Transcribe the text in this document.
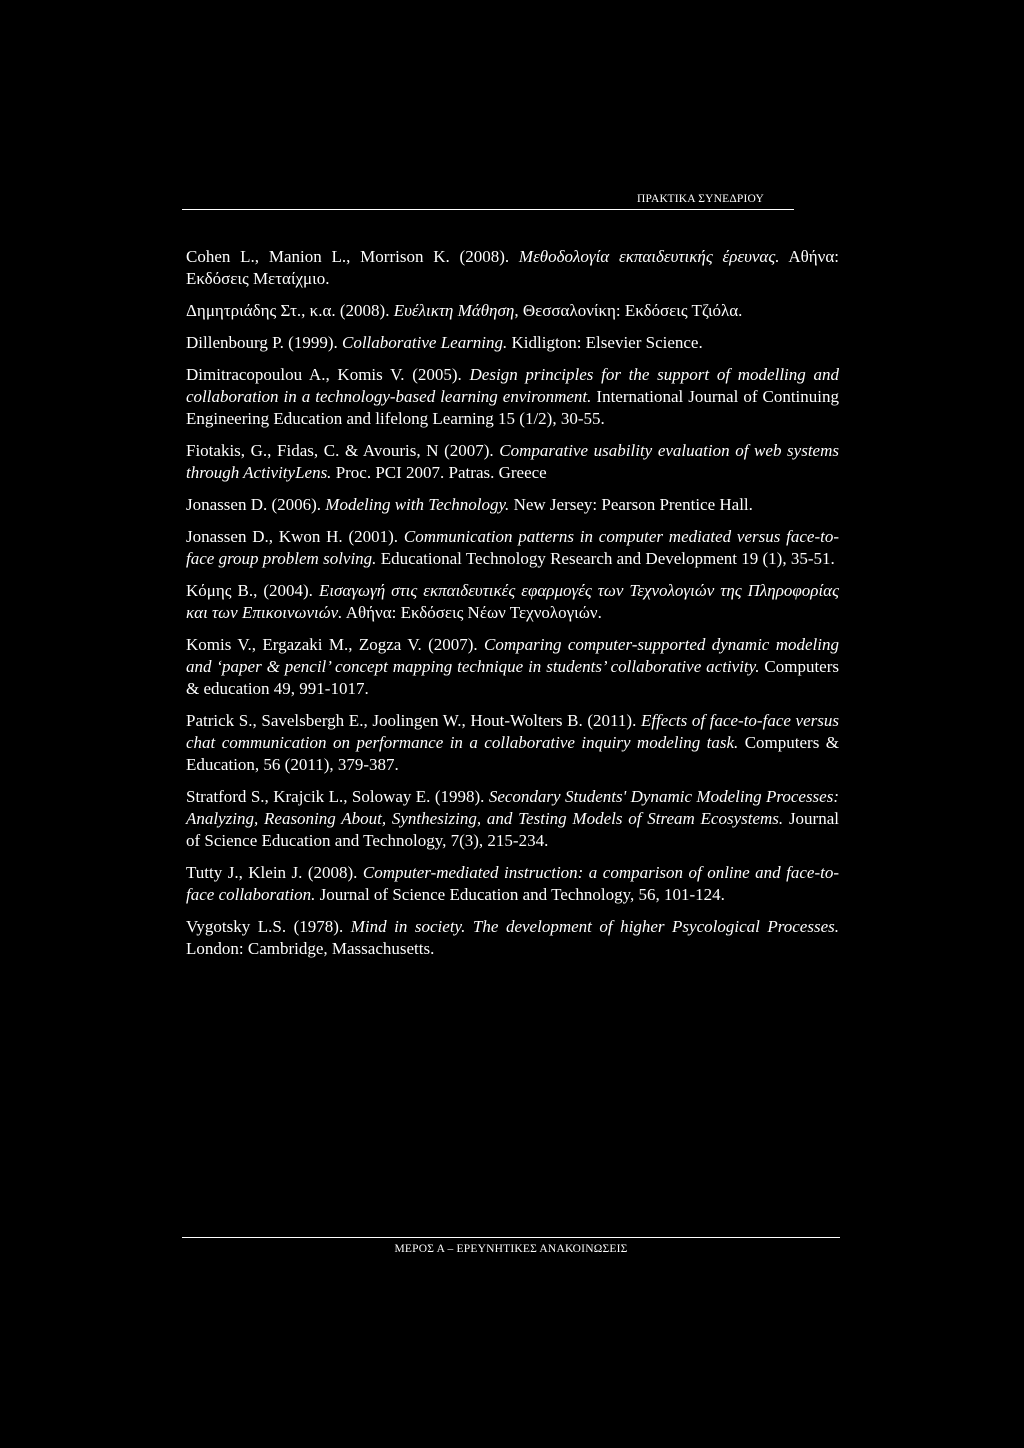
ΠΡΑΚΤΙΚΑ ΣΥΝΕΔΡΙΟΥ

Cohen L., Manion L., Morrison K. (2008). Μεθοδολογία εκπαιδευτικής έρευνας. Αθήνα: Εκδόσεις Μεταίχμιο.

Δημητριάδης Στ., κ.α. (2008). Ευέλικτη Μάθηση, Θεσσαλονίκη: Εκδόσεις Τζιόλα.

Dillenbourg P. (1999). Collaborative Learning. Kidligton: Elsevier Science.

Dimitracopoulou A., Komis V. (2005). Design principles for the support of modelling and collaboration in a technology-based learning environment. International Journal of Continuing Engineering Education and lifelong Learning 15 (1/2), 30-55.

Fiotakis, G., Fidas, C. & Avouris, N (2007). Comparative usability evaluation of web systems through ActivityLens. Proc. PCI 2007. Patras. Greece

Jonassen D. (2006). Modeling with Technology. New Jersey: Pearson Prentice Hall.

Jonassen D., Kwon H. (2001). Communication patterns in computer mediated versus face-to-face group problem solving. Educational Technology Research and Development 19 (1), 35-51.

Κόμης Β., (2004). Εισαγωγή στις εκπαιδευτικές εφαρμογές των Τεχνολογιών της Πληροφορίας και των Επικοινωνιών. Αθήνα: Εκδόσεις Νέων Τεχνολογιών.

Komis V., Ergazaki M., Zogza V. (2007). Comparing computer-supported dynamic modeling and ‘paper & pencil’ concept mapping technique in students’ collaborative activity. Computers & education 49, 991-1017.

Patrick S., Savelsbergh E., Joolingen W., Hout-Wolters B. (2011). Effects of face-to-face versus chat communication on performance in a collaborative inquiry modeling task. Computers & Education, 56 (2011), 379-387.

Stratford S., Krajcik L., Soloway E. (1998). Secondary Students' Dynamic Modeling Processes: Analyzing, Reasoning About, Synthesizing, and Testing Models of Stream Ecosystems. Journal of Science Education and Technology, 7(3), 215-234.

Tutty J., Klein J. (2008). Computer-mediated instruction: a comparison of online and face-to-face collaboration. Journal of Science Education and Technology, 56, 101-124.

Vygotsky L.S. (1978). Mind in society. The development of higher Psycological Processes. London: Cambridge, Massachusetts.

ΜΕΡΟΣ Α – ΕΡΕΥΝΗΤΙΚΕΣ ΑΝΑΚΟΙΝΩΣΕΙΣ
